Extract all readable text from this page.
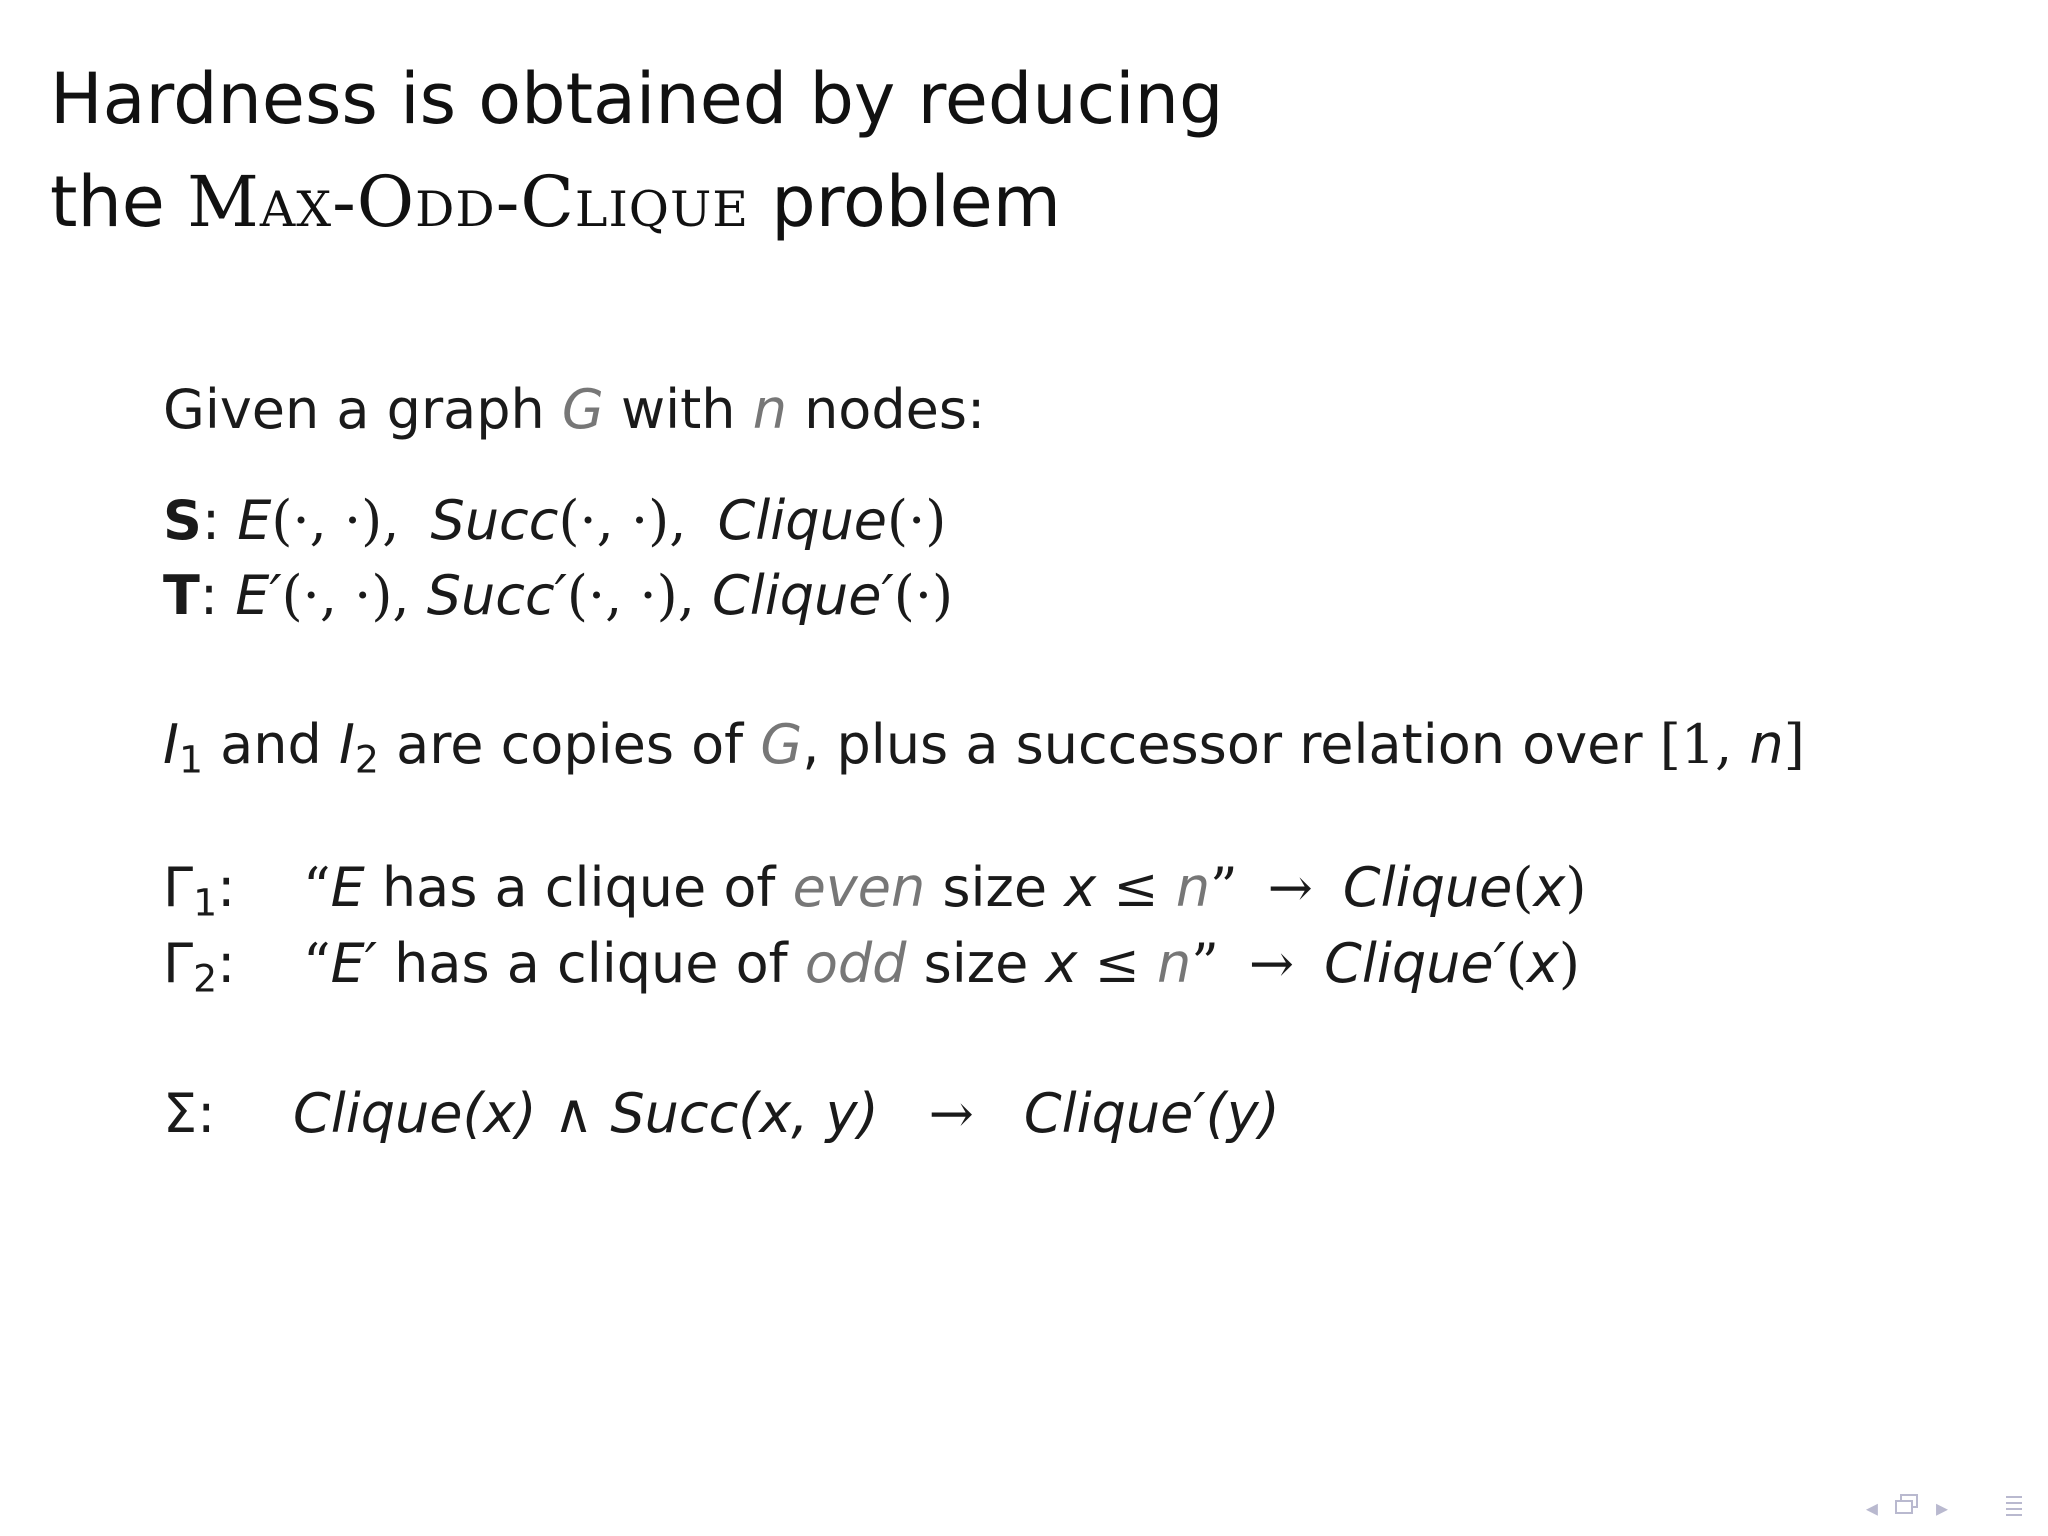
Hardness is obtained by reducing
the Max-Odd-Clique problem
Given a graph G with n nodes:
S: E(·, ·), Succ(·, ·), Clique(·)
T: E′(·, ·), Succ′(·, ·), Clique′(·)
$I_1$ and $I_2$ are copies of G, plus a successor relation over [1, n]
$\Gamma_1$: “E has a clique of even size x ≤ n” → Clique(x)
$\Gamma_2$: “E′ has a clique of odd size x ≤ n” → Clique′(x)
Σ: Clique(x) ∧ Succ(x, y) → Clique′(y)
◂ ▸
